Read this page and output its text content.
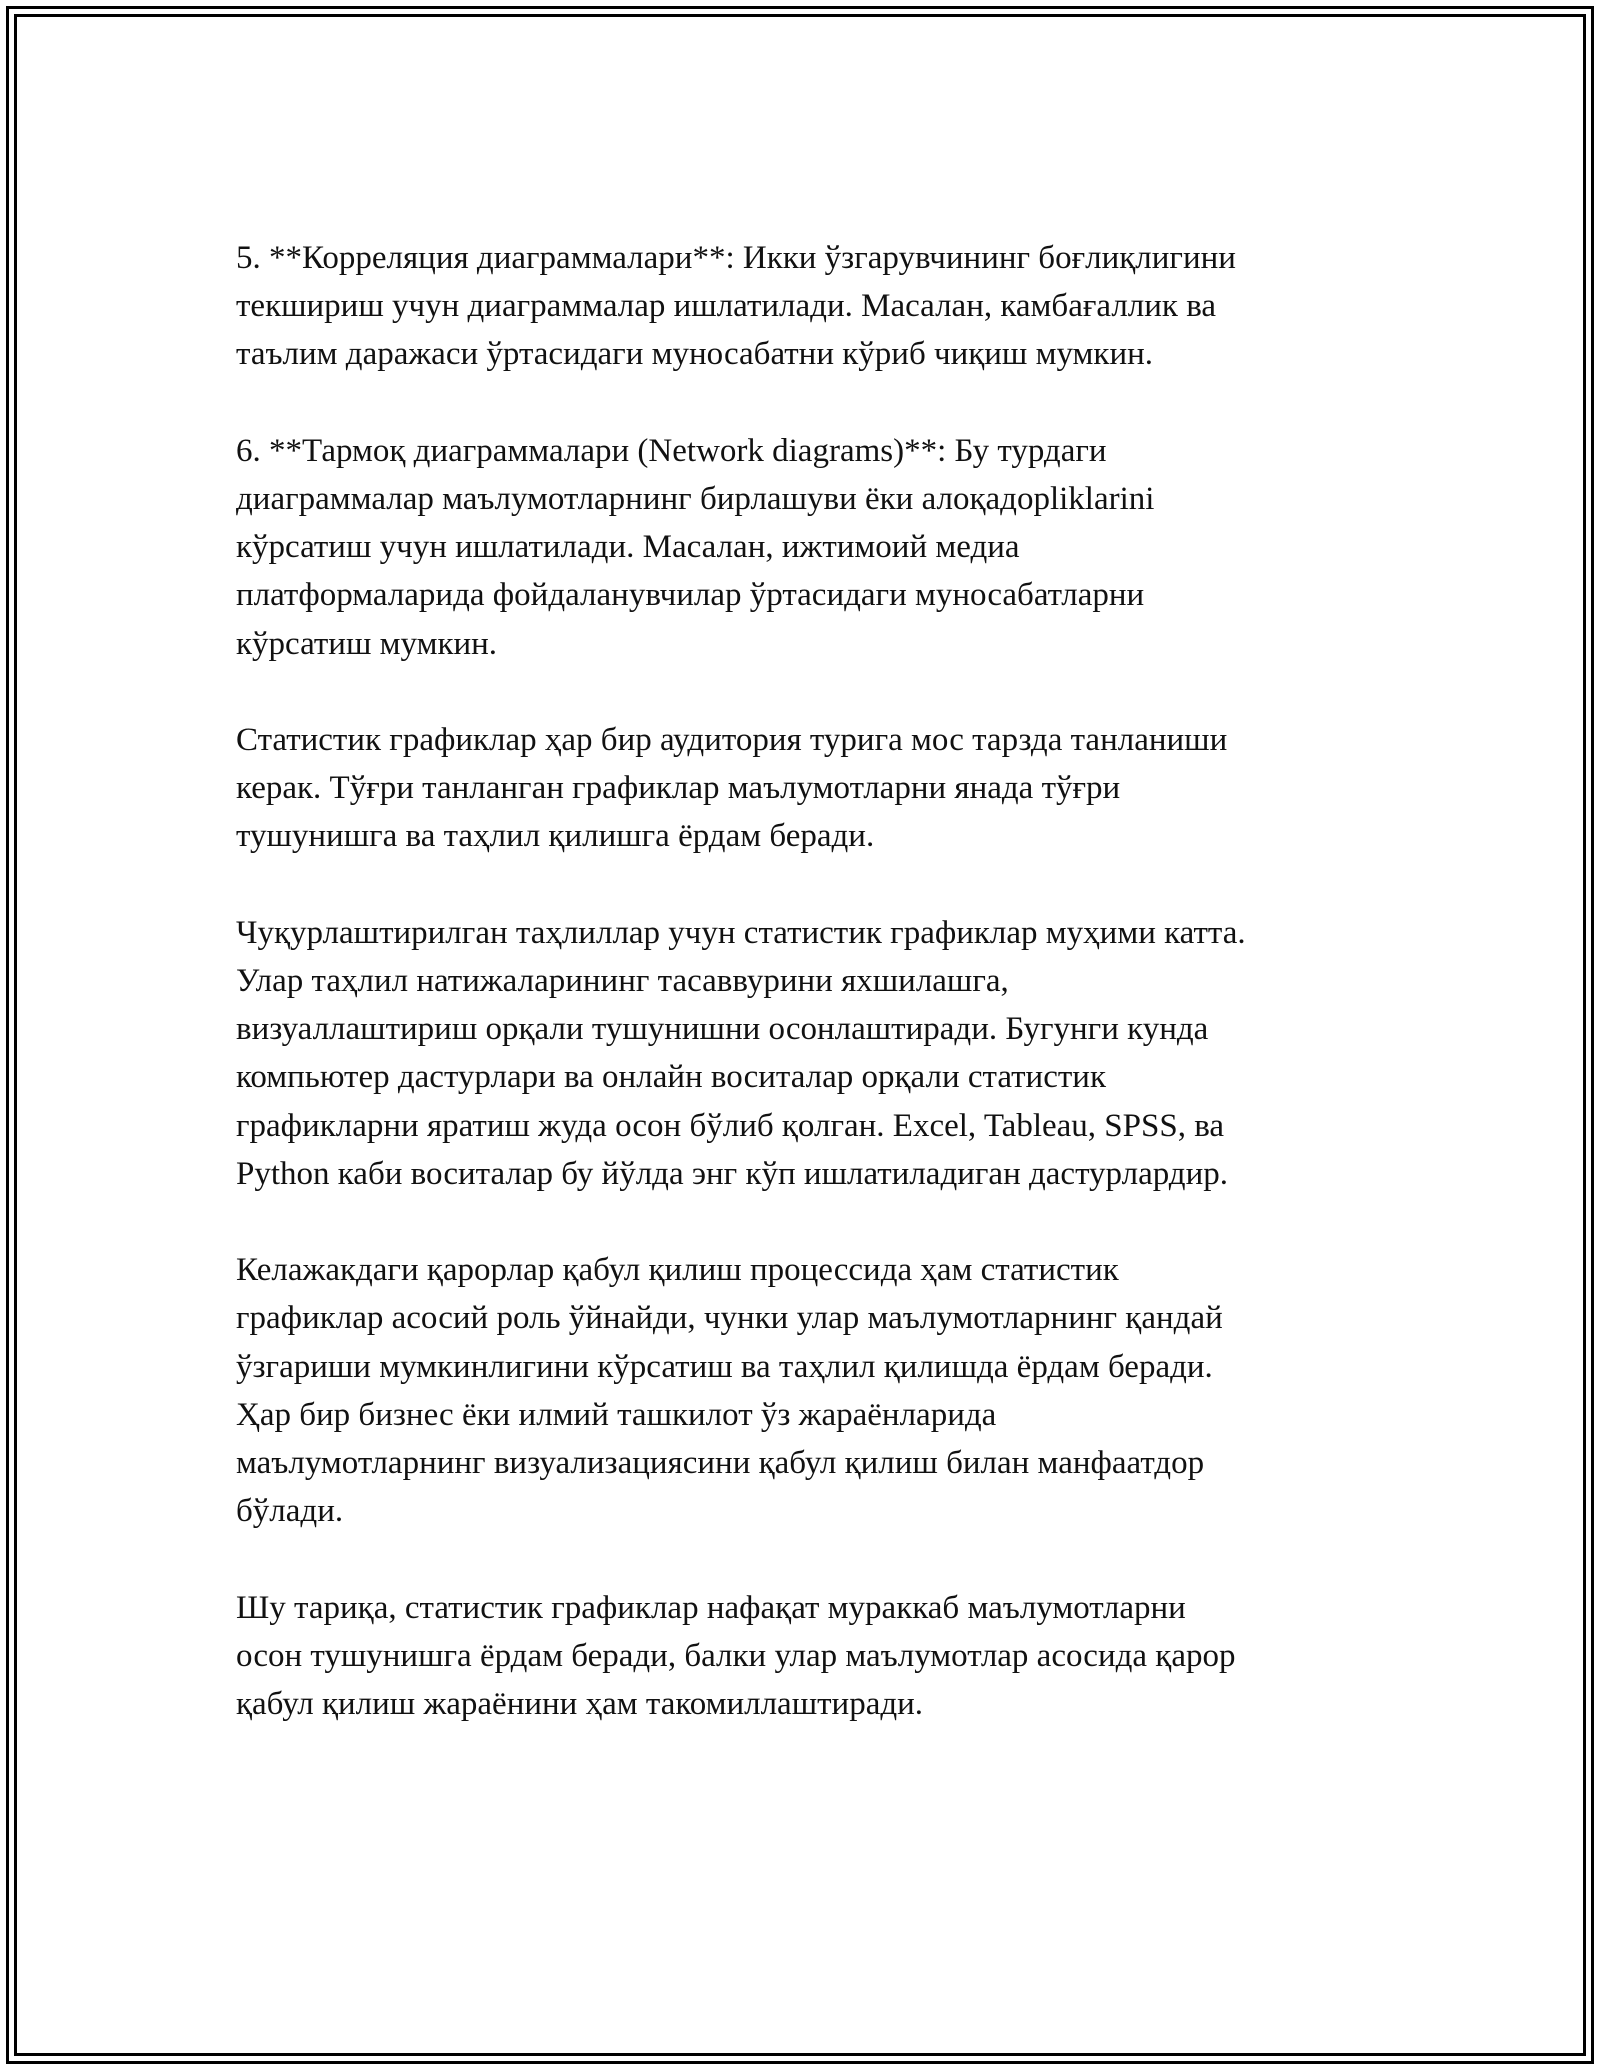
5. **Корреляция диаграммалари**: Икки ўзгарувчининг боғлиқлигини
текшириш учун диаграммалар ишлатилади. Масалан, камбағаллик ва
таълим даражаси ўртасидаги муносабатни кўриб чиқиш мумкин.

6. **Тармоқ диаграммалари (Network diagrams)**: Бу турдаги
диаграммалар маълумотларнинг бирлашуви ёки алоқадорliklarini
кўрсатиш учун ишлатилади. Масалан, ижтимоий медиа
платформаларида фойдаланувчилар ўртасидаги муносабатларни
кўрсатиш мумкин.

Статистик графиклар ҳар бир аудитория турига мос тарзда танланиши
керак. Тўғри танланган графиклар маълумотларни янада тўғри
тушунишга ва таҳлил қилишга ёрдам беради.

Чуқурлаштирилган таҳлиллар учун статистик графиклар муҳими катта.
Улар таҳлил натижаларининг тасаввурини яхшилашга,
визуаллаштириш орқали тушунишни осонлаштиради. Бугунги кунда
компьютер дастурлари ва онлайн воситалар орқали статистик
графикларни яратиш жуда осон бўлиб қолган. Excel, Tableau, SPSS, ва
Python каби воситалар бу йўлда энг кўп ишлатиладиган дастурлардир.

Келажакдаги қарорлар қабул қилиш процессида ҳам статистик
графиклар асосий роль ўйнайди, чунки улар маълумотларнинг қандай
ўзгариши мумкинлигини кўрсатиш ва таҳлил қилишда ёрдам беради.
Ҳар бир бизнес ёки илмий ташкилот ўз жараёнларида
маълумотларнинг визуализациясини қабул қилиш билан манфаатдор
бўлади.

Шу тариқа, статистик графиклар нафақат мураккаб маълумотларни
осон тушунишга ёрдам беради, балки улар маълумотлар асосида қарор
қабул қилиш жараёнини ҳам такомиллаштиради.
